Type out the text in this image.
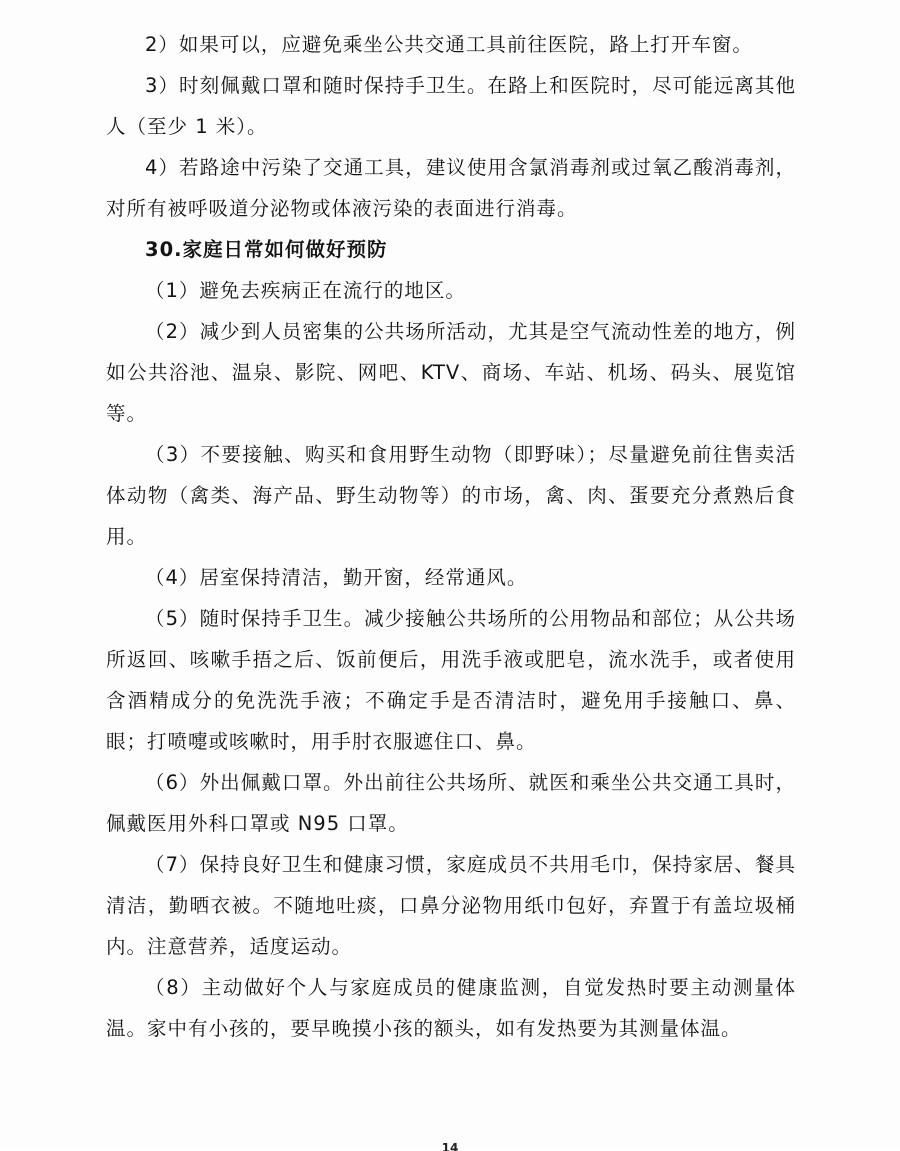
2）如果可以，应避免乘坐公共交通工具前往医院，路上打开车窗。

3）时刻佩戴口罩和随时保持手卫生。在路上和医院时，尽可能远离其他人（至少 1 米）。

4）若路途中污染了交通工具，建议使用含氯消毒剂或过氧乙酸消毒剂，对所有被呼吸道分泌物或体液污染的表面进行消毒。

30.家庭日常如何做好预防

（1）避免去疾病正在流行的地区。

（2）减少到人员密集的公共场所活动，尤其是空气流动性差的地方，例如公共浴池、温泉、影院、网吧、KTV、商场、车站、机场、码头、展览馆等。

（3）不要接触、购买和食用野生动物（即野味）；尽量避免前往售卖活体动物（禽类、海产品、野生动物等）的市场，禽、肉、蛋要充分煮熟后食用。

（4）居室保持清洁，勤开窗，经常通风。

（5）随时保持手卫生。减少接触公共场所的公用物品和部位；从公共场所返回、咳嗽手捂之后、饭前便后，用洗手液或肥皂，流水洗手，或者使用含酒精成分的免洗洗手液；不确定手是否清洁时，避免用手接触口、鼻、眼；打喷嚏或咳嗽时，用手肘衣服遮住口、鼻。

（6）外出佩戴口罩。外出前往公共场所、就医和乘坐公共交通工具时，佩戴医用外科口罩或 N95 口罩。

（7）保持良好卫生和健康习惯，家庭成员不共用毛巾，保持家居、餐具清洁，勤晒衣被。不随地吐痰，口鼻分泌物用纸巾包好，弃置于有盖垃圾桶内。注意营养，适度运动。

（8）主动做好个人与家庭成员的健康监测，自觉发热时要主动测量体温。家中有小孩的，要早晚摸小孩的额头，如有发热要为其测量体温。

14
